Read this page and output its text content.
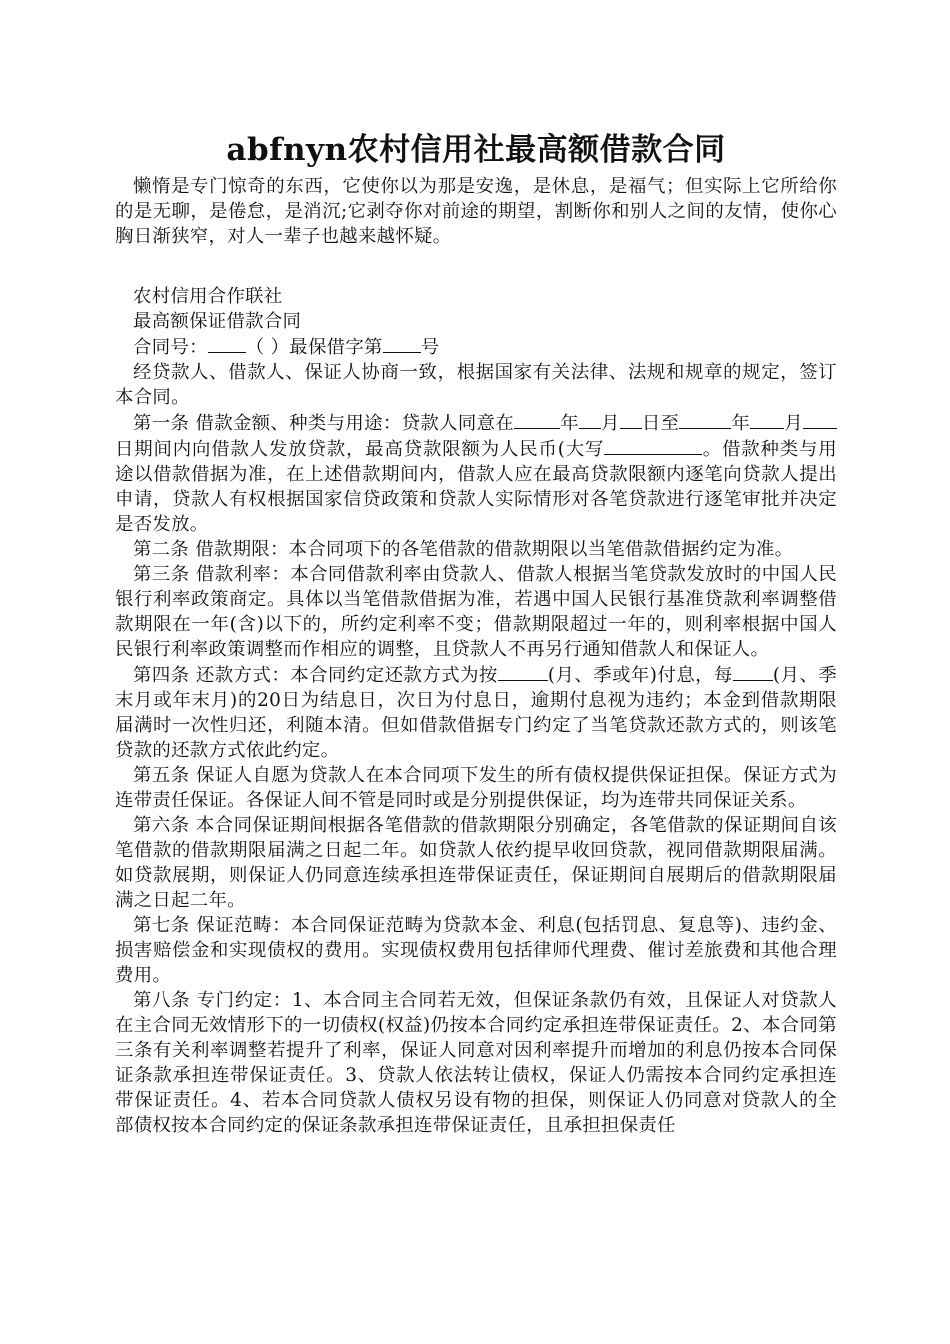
abfnyn农村信用社最高额借款合同

懒惰是专门惊奇的东西，它使你以为那是安逸，是休息，是福气；但实际上它所给你的是无聊，是倦怠，是消沉;它剥夺你对前途的期望，割断你和别人之间的友情，使你心胸日渐狭窄，对人一辈子也越来越怀疑。

农村信用合作联社

最高额保证借款合同

合同号： （ ）最保借字第 号

经贷款人、借款人、保证人协商一致，根据国家有关法律、法规和规章的规定，签订本合同。

第一条 借款金额、种类与用途：贷款人同意在	年 月 日至	年 月日期间内向借款人发放贷款，最高贷款限额为人民币(大写	。借款种类与用途以借款借据为准，在上述借款期间内，借款人应在最高贷款限额内逐笔向贷款人提出申请，贷款人有权根据国家信贷政策和贷款人实际情形对各笔贷款进行逐笔审批并决定是否发放。

第二条 借款期限：本合同项下的各笔借款的借款期限以当笔借款借据约定为准。

第三条 借款利率：本合同借款利率由贷款人、借款人根据当笔贷款发放时的中国人民银行利率政策商定。具体以当笔借款借据为准，若遇中国人民银行基准贷款利率调整借款期限在一年(含)以下的，所约定利率不变；借款期限超过一年的，则利率根据中国人民银行利率政策调整而作相应的调整，且贷款人不再另行通知借款人和保证人。

第四条 还款方式：本合同约定还款方式为按	(月、季或年)付息，每 (月、季末月或年末月)的20日为结息日，次日为付息日，逾期付息视为违约；本金到借款期限届满时一次性归还，利随本清。但如借款借据专门约定了当笔贷款还款方式的，则该笔贷款的还款方式依此约定。

第五条 保证人自愿为贷款人在本合同项下发生的所有债权提供保证担保。保证方式为连带责任保证。各保证人间不管是同时或是分别提供保证，均为连带共同保证关系。

第六条 本合同保证期间根据各笔借款的借款期限分别确定，各笔借款的保证期间自该笔借款的借款期限届满之日起二年。如贷款人依约提早收回贷款，视同借款期限届满。如贷款展期，则保证人仍同意连续承担连带保证责任，保证期间自展期后的借款期限届满之日起二年。

第七条 保证范畴：本合同保证范畴为贷款本金、利息(包括罚息、复息等)、违约金、损害赔偿金和实现债权的费用。实现债权费用包括律师代理费、催讨差旅费和其他合理费用。

第八条 专门约定：1、本合同主合同若无效，但保证条款仍有效，且保证人对贷款人在主合同无效情形下的一切债权(权益)仍按本合同约定承担连带保证责任。2、本合同第三条有关利率调整若提升了利率，保证人同意对因利率提升而增加的利息仍按本合同保证条款承担连带保证责任。3、贷款人依法转让债权，保证人仍需按本合同约定承担连带保证责任。4、若本合同贷款人债权另设有物的担保，则保证人仍同意对贷款人的全部债权按本合同约定的保证条款承担连带保证责任，且承担担保责任
